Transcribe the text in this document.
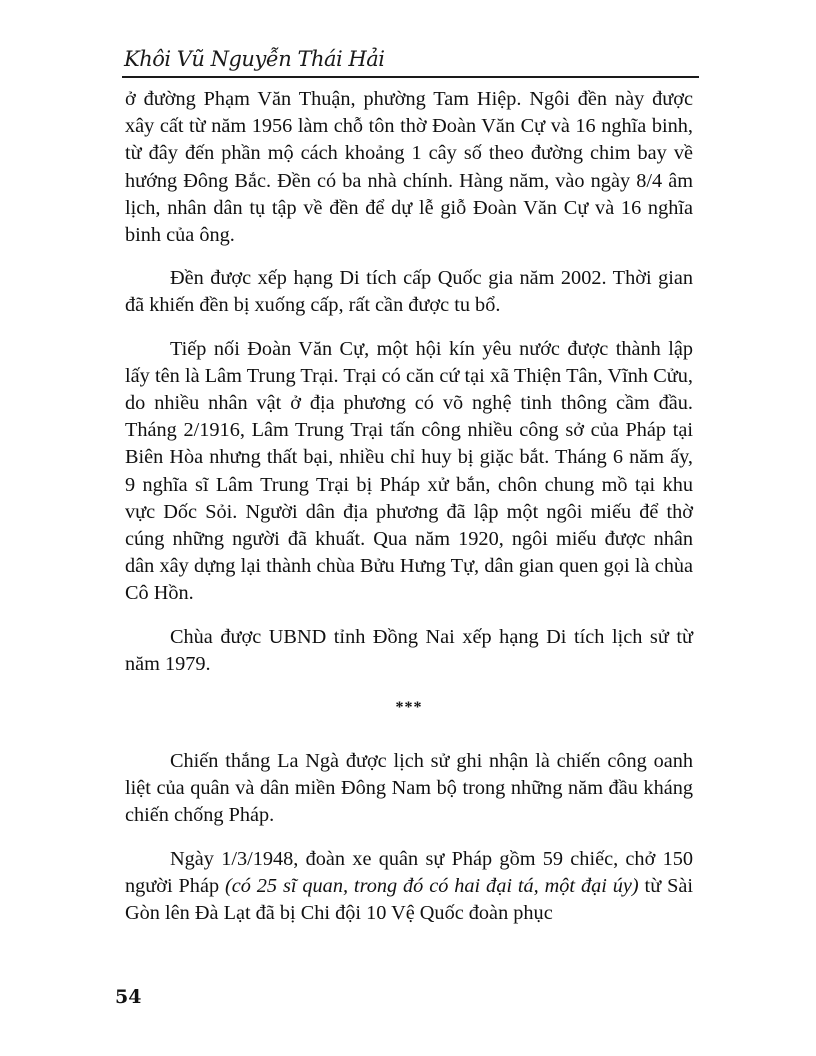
Khôi Vũ Nguyễn Thái Hải

ở đường Phạm Văn Thuận, phường Tam Hiệp. Ngôi đền này được xây cất từ năm 1956 làm chỗ tôn thờ Đoàn Văn Cự và 16 nghĩa binh, từ đây đến phần mộ cách khoảng 1 cây số theo đường chim bay về hướng Đông Bắc. Đền có ba nhà chính. Hàng năm, vào ngày 8/4 âm lịch, nhân dân tụ tập về đền để dự lễ giỗ Đoàn Văn Cự và 16 nghĩa binh của ông.

Đền được xếp hạng Di tích cấp Quốc gia năm 2002. Thời gian đã khiến đền bị xuống cấp, rất cần được tu bổ.

Tiếp nối Đoàn Văn Cự, một hội kín yêu nước được thành lập lấy tên là Lâm Trung Trại. Trại có căn cứ tại xã Thiện Tân, Vĩnh Cửu, do nhiều nhân vật ở địa phương có võ nghệ tinh thông cầm đầu. Tháng 2/1916, Lâm Trung Trại tấn công nhiều công sở của Pháp tại Biên Hòa nhưng thất bại, nhiều chỉ huy bị giặc bắt. Tháng 6 năm ấy, 9 nghĩa sĩ Lâm Trung Trại bị Pháp xử bắn, chôn chung mồ tại khu vực Dốc Sỏi. Người dân địa phương đã lập một ngôi miếu để thờ cúng những người đã khuất. Qua năm 1920, ngôi miếu được nhân dân xây dựng lại thành chùa Bửu Hưng Tự, dân gian quen gọi là chùa Cô Hồn.

Chùa được UBND tỉnh Đồng Nai xếp hạng Di tích lịch sử từ năm 1979.

***

Chiến thắng La Ngà được lịch sử ghi nhận là chiến công oanh liệt của quân và dân miền Đông Nam bộ trong những năm đầu kháng chiến chống Pháp.

Ngày 1/3/1948, đoàn xe quân sự Pháp gồm 59 chiếc, chở 150 người Pháp (có 25 sĩ quan, trong đó có hai đại tá, một đại úy) từ Sài Gòn lên Đà Lạt đã bị Chi đội 10 Vệ Quốc đoàn phục

54
